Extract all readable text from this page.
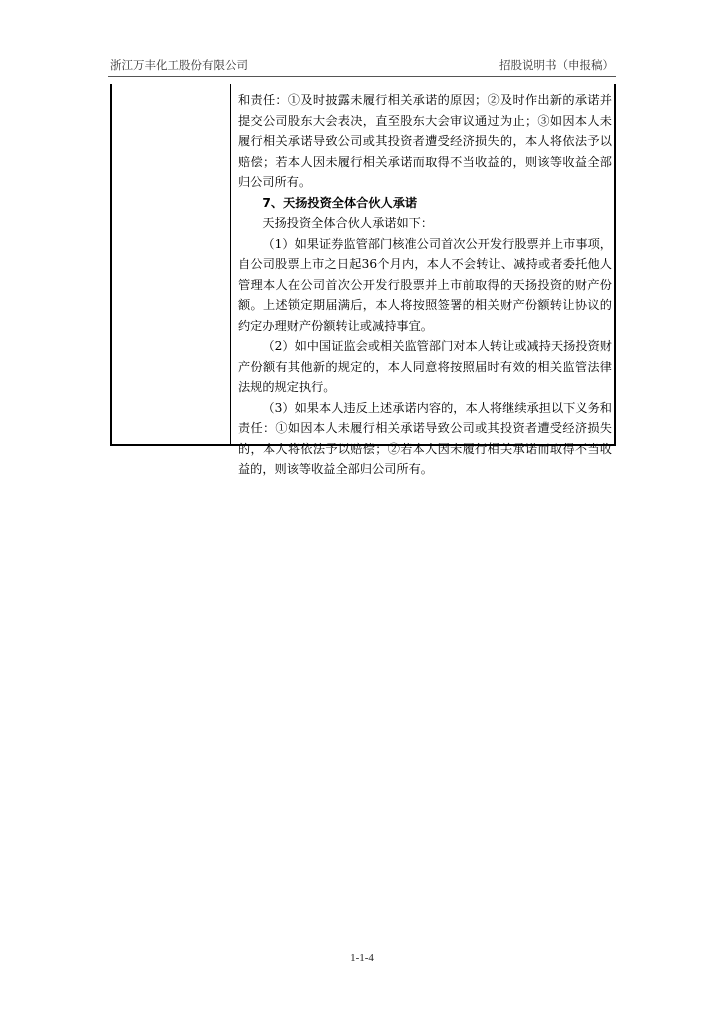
浙江万丰化工股份有限公司	招股说明书（申报稿）

和责任：①及时披露未履行相关承诺的原因；②及时作出新的承诺并提交公司股东大会表决，直至股东大会审议通过为止；③如因本人未履行相关承诺导致公司或其投资者遭受经济损失的，本人将依法予以赔偿；若本人因未履行相关承诺而取得不当收益的，则该等收益全部归公司所有。

7、天扬投资全体合伙人承诺

天扬投资全体合伙人承诺如下：

（1）如果证券监管部门核准公司首次公开发行股票并上市事项，自公司股票上市之日起36个月内，本人不会转让、减持或者委托他人管理本人在公司首次公开发行股票并上市前取得的天扬投资的财产份额。上述锁定期届满后，本人将按照签署的相关财产份额转让协议的约定办理财产份额转让或减持事宜。

（2）如中国证监会或相关监管部门对本人转让或减持天扬投资财产份额有其他新的规定的，本人同意将按照届时有效的相关监管法律法规的规定执行。

（3）如果本人违反上述承诺内容的，本人将继续承担以下义务和责任：①如因本人未履行相关承诺导致公司或其投资者遭受经济损失的，本人将依法予以赔偿；②若本人因未履行相关承诺而取得不当收益的，则该等收益全部归公司所有。

1-1-4
